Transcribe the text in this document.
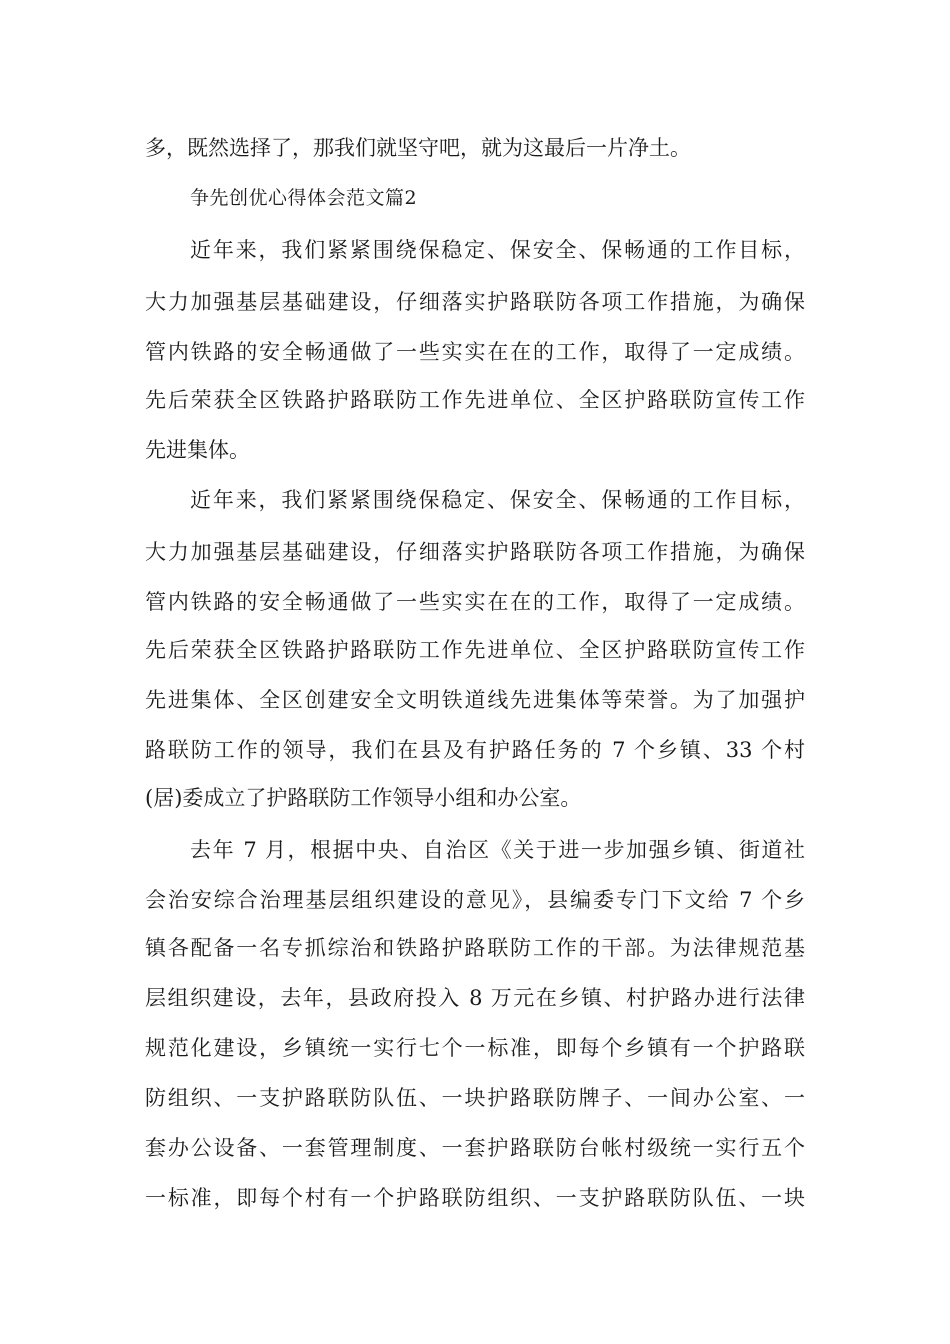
多，既然选择了，那我们就坚守吧，就为这最后一片净土。
争先创优心得体会范文篇2
近年来，我们紧紧围绕保稳定、保安全、保畅通的工作目标，
大力加强基层基础建设，仔细落实护路联防各项工作措施，为确保
管内铁路的安全畅通做了一些实实在在的工作，取得了一定成绩。
先后荣获全区铁路护路联防工作先进单位、全区护路联防宣传工作
先进集体。
近年来，我们紧紧围绕保稳定、保安全、保畅通的工作目标，
大力加强基层基础建设，仔细落实护路联防各项工作措施，为确保
管内铁路的安全畅通做了一些实实在在的工作，取得了一定成绩。
先后荣获全区铁路护路联防工作先进单位、全区护路联防宣传工作
先进集体、全区创建安全文明铁道线先进集体等荣誉。为了加强护
路联防工作的领导，我们在县及有护路任务的 7 个乡镇、33 个村
(居)委成立了护路联防工作领导小组和办公室。
去年 7 月，根据中央、自治区《关于进一步加强乡镇、街道社
会治安综合治理基层组织建设的意见》，县编委专门下文给 7 个乡
镇各配备一名专抓综治和铁路护路联防工作的干部。为法律规范基
层组织建设，去年，县政府投入 8 万元在乡镇、村护路办进行法律
规范化建设，乡镇统一实行七个一标准，即每个乡镇有一个护路联
防组织、一支护路联防队伍、一块护路联防牌子、一间办公室、一
套办公设备、一套管理制度、一套护路联防台帐村级统一实行五个
一标准，即每个村有一个护路联防组织、一支护路联防队伍、一块
